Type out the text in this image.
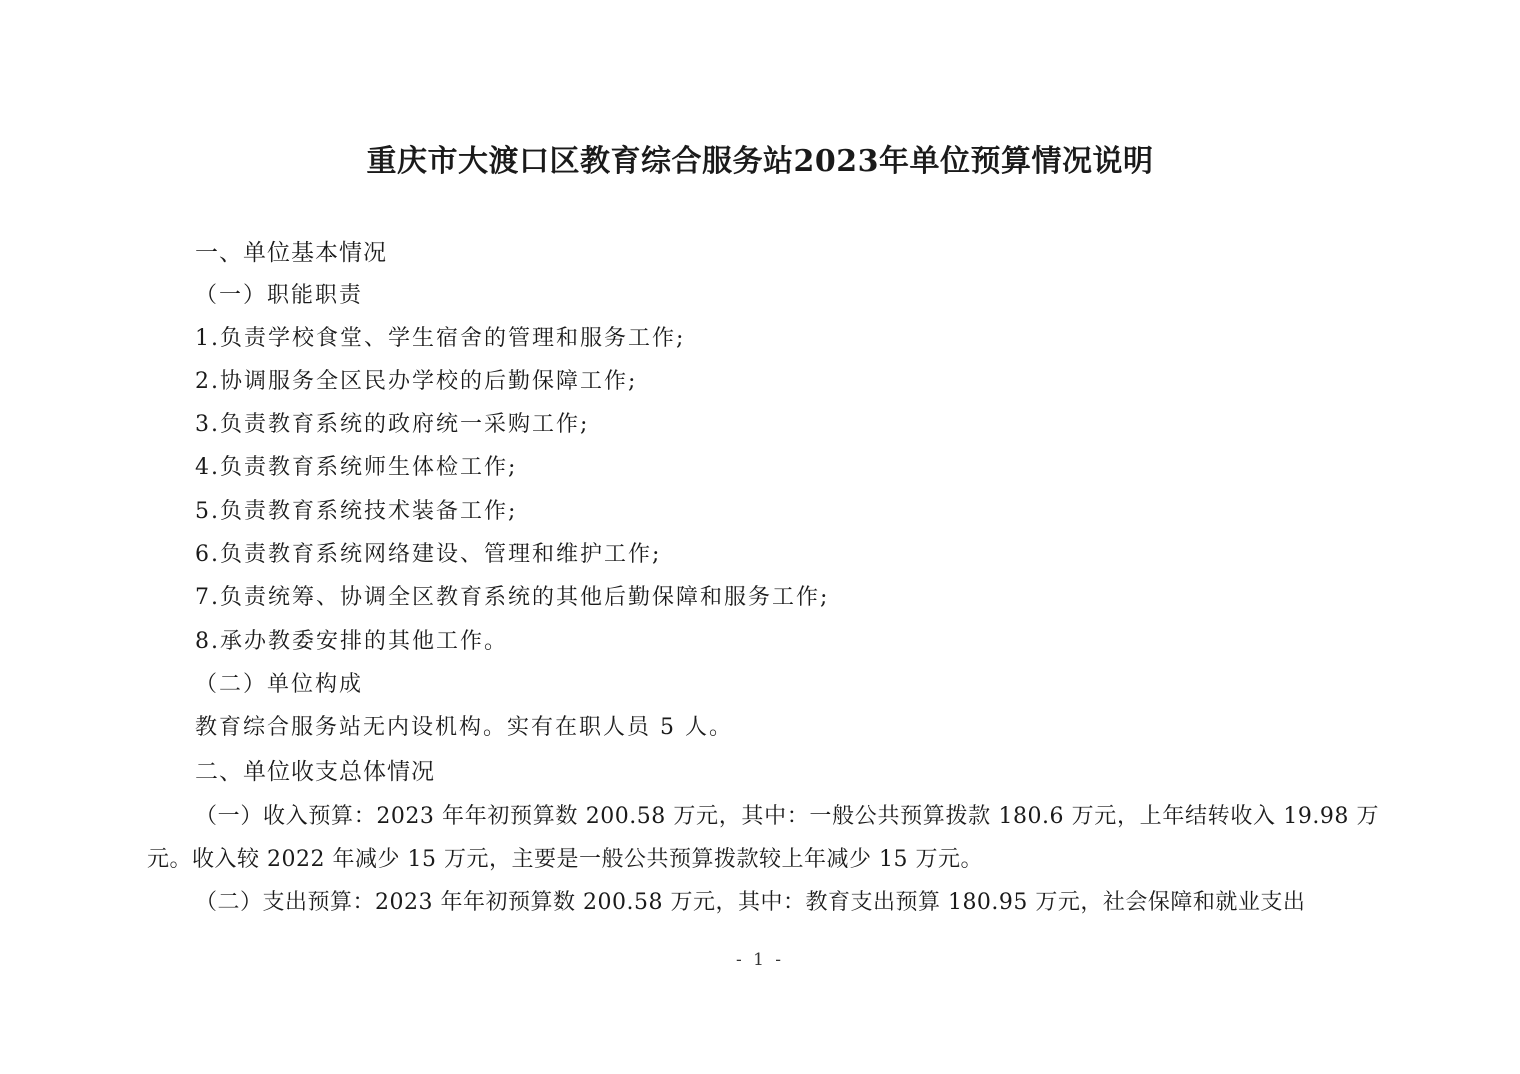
重庆市大渡口区教育综合服务站2023年单位预算情况说明
一、单位基本情况
（一）职能职责
1.负责学校食堂、学生宿舍的管理和服务工作;
2.协调服务全区民办学校的后勤保障工作;
3.负责教育系统的政府统一采购工作;
4.负责教育系统师生体检工作;
5.负责教育系统技术装备工作;
6.负责教育系统网络建设、管理和维护工作;
7.负责统筹、协调全区教育系统的其他后勤保障和服务工作;
8.承办教委安排的其他工作。
（二）单位构成
教育综合服务站无内设机构。实有在职人员 5 人。
二、单位收支总体情况
（一）收入预算：2023 年年初预算数 200.58 万元，其中：一般公共预算拨款 180.6 万元，上年结转收入 19.98 万元。收入较 2022 年减少 15 万元，主要是一般公共预算拨款较上年减少 15 万元。
（二）支出预算：2023 年年初预算数 200.58 万元，其中：教育支出预算 180.95 万元，社会保障和就业支出
- 1 -
